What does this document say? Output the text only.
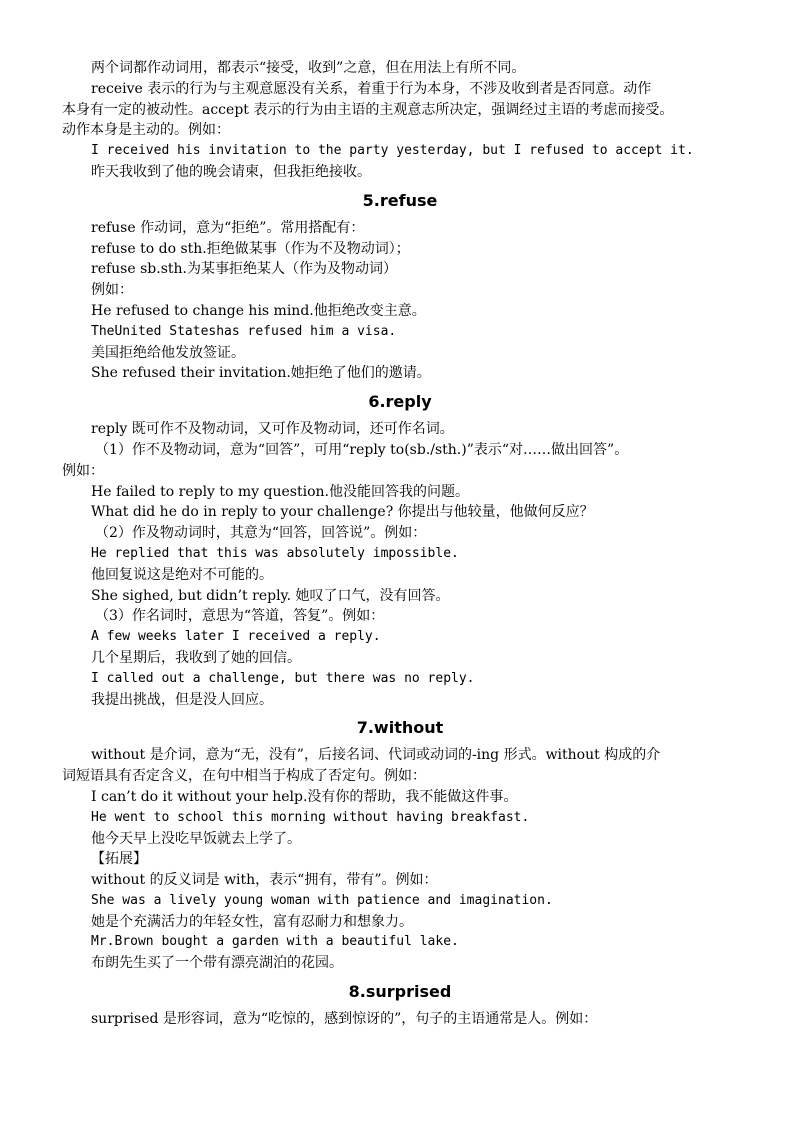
两个词都作动词用，都表示“接受，收到”之意，但在用法上有所不同。
receive 表示的行为与主观意愿没有关系，着重于行为本身，不涉及收到者是否同意。动作
本身有一定的被动性。accept 表示的行为由主语的主观意志所决定，强调经过主语的考虑而接受。
动作本身是主动的。例如：
I received his invitation to the party yesterday, but I refused to accept it.
昨天我收到了他的晚会请柬，但我拒绝接收。
5.refuse
refuse 作动词，意为“拒绝”。常用搭配有：
refuse to do sth.拒绝做某事（作为不及物动词）；
refuse sb.sth.为某事拒绝某人（作为及物动词）
例如：
He refused to change his mind.他拒绝改变主意。
TheUnited Stateshas refused him a visa.
美国拒绝给他发放签证。
She refused their invitation.她拒绝了他们的邀请。
6.reply
reply 既可作不及物动词，又可作及物动词，还可作名词。
（1）作不及物动词，意为“回答”，可用“reply to(sb./sth.)”表示“对……做出回答”。
例如：
He failed to reply to my question.他没能回答我的问题。
What did he do in reply to your challenge? 你提出与他较量，他做何反应？
（2）作及物动词时，其意为“回答，回答说”。例如：
He replied that this was absolutely impossible.
他回复说这是绝对不可能的。
She sighed, but didn’t reply. 她叹了口气，没有回答。
（3）作名词时，意思为“答道，答复”。例如：
A few weeks later I received a reply.
几个星期后，我收到了她的回信。
I called out a challenge, but there was no reply.
我提出挑战，但是没人回应。
7.without
without 是介词，意为“无，没有”，后接名词、代词或动词的-ing 形式。without 构成的介
词短语具有否定含义，在句中相当于构成了否定句。例如：
I can’t do it without your help.没有你的帮助，我不能做这件事。
He went to school this morning without having breakfast.
他今天早上没吃早饭就去上学了。
【拓展】
without 的反义词是 with，表示“拥有，带有”。例如：
She was a lively young woman with patience and imagination.
她是个充满活力的年轻女性，富有忍耐力和想象力。
Mr.Brown bought a garden with a beautiful lake.
布朗先生买了一个带有漂亮湖泊的花园。
8.surprised
surprised 是形容词，意为“吃惊的，感到惊讶的”，句子的主语通常是人。例如：
